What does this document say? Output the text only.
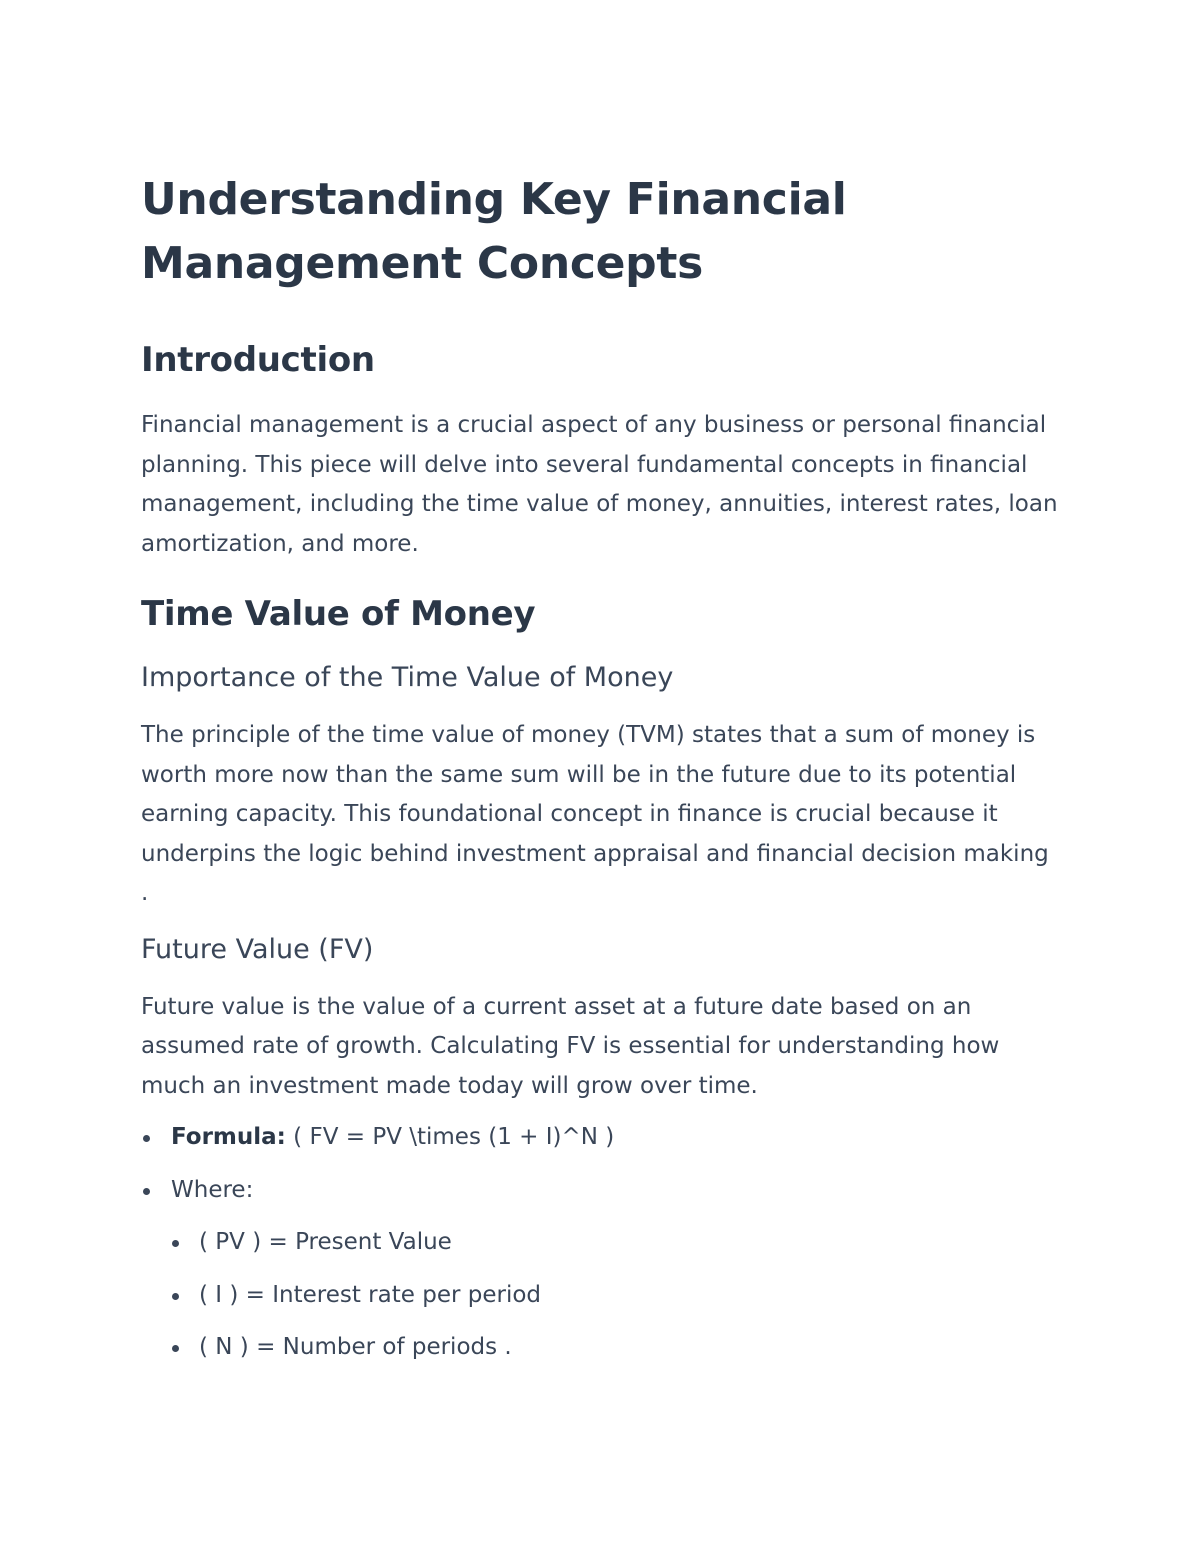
Understanding Key Financial Management Concepts
Introduction

Financial management is a crucial aspect of any business or personal financial planning. This piece will delve into several fundamental concepts in financial management, including the time value of money, annuities, interest rates, loan amortization, and more.

Time Value of Money
Importance of the Time Value of Money

The principle of the time value of money (TVM) states that a sum of money is worth more now than the same sum will be in the future due to its potential earning capacity. This foundational concept in finance is crucial because it underpins the logic behind investment appraisal and financial decision making .

Future Value (FV)

Future value is the value of a current asset at a future date based on an assumed rate of growth. Calculating FV is essential for understanding how much an investment made today will grow over time.

Formula: ( FV = PV \times (1 + I)^N )
Where:
( PV ) = Present Value
( I ) = Interest rate per period
( N ) = Number of periods .
